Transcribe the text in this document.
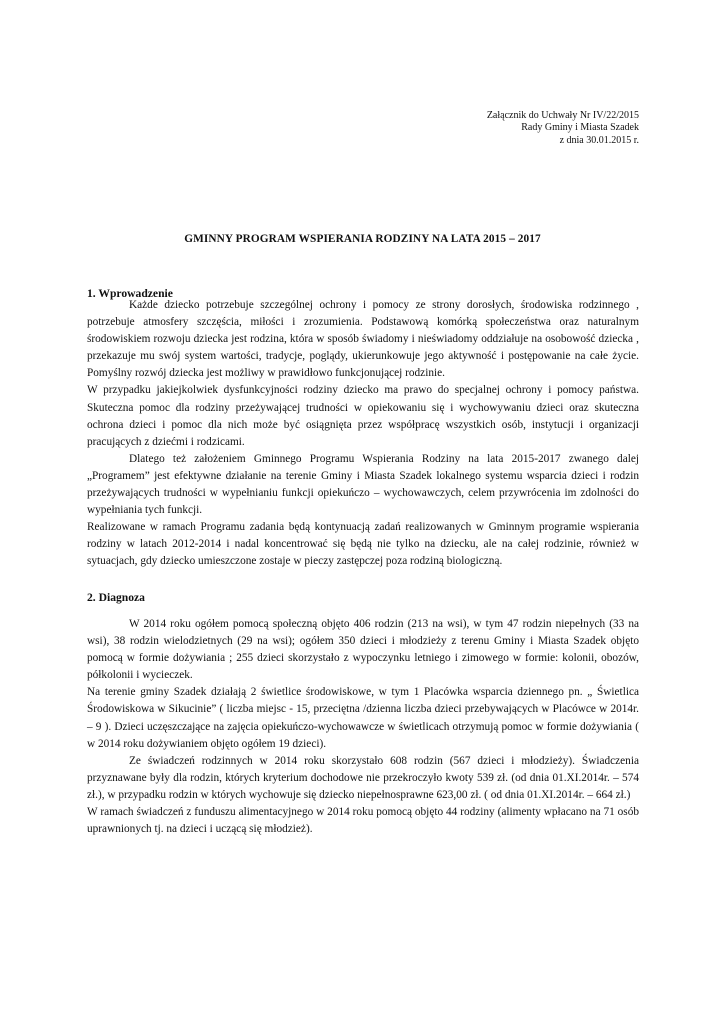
Załącznik do Uchwały Nr IV/22/2015
Rady Gminy i Miasta Szadek
z dnia 30.01.2015 r.
GMINNY PROGRAM WSPIERANIA RODZINY NA LATA 2015 – 2017
1. Wprowadzenie

Każde dziecko potrzebuje szczególnej ochrony i pomocy ze strony dorosłych, środowiska rodzinnego , potrzebuje atmosfery szczęścia, miłości i zrozumienia. Podstawową komórką społeczeństwa oraz naturalnym środowiskiem rozwoju dziecka jest rodzina, która w sposób świadomy i nieświadomy oddziałuje na osobowość dziecka , przekazuje mu swój system wartości, tradycje, poglądy, ukierunkowuje jego aktywność i postępowanie na całe życie. Pomyślny rozwój dziecka jest możliwy w prawidłowo funkcjonującej rodzinie.

W przypadku jakiejkolwiek dysfunkcyjności rodziny dziecko ma prawo do specjalnej ochrony i pomocy państwa. Skuteczna pomoc dla rodziny przeżywającej trudności w opiekowaniu się i wychowywaniu dzieci oraz skuteczna ochrona dzieci i pomoc dla nich może być osiągnięta przez współpracę wszystkich osób, instytucji i organizacji pracujących z dziećmi i rodzicami.

Dlatego też założeniem Gminnego Programu Wspierania Rodziny na lata 2015-2017 zwanego dalej „Programem” jest efektywne działanie na terenie Gminy i Miasta Szadek lokalnego systemu wsparcia dzieci i rodzin przeżywających trudności w wypełnianiu funkcji opiekuńczo – wychowawczych, celem przywrócenia im zdolności do wypełniania tych funkcji.

Realizowane w ramach Programu zadania będą kontynuacją zadań realizowanych w Gminnym programie wspierania rodziny w latach 2012-2014 i nadal koncentrować się będą nie tylko na dziecku, ale na całej rodzinie, również w sytuacjach, gdy dziecko umieszczone zostaje w pieczy zastępczej poza rodziną biologiczną.

2. Diagnoza

W 2014 roku ogółem pomocą społeczną objęto 406 rodzin (213 na wsi), w tym 47 rodzin niepełnych (33 na wsi), 38 rodzin wielodzietnych (29 na wsi); ogółem 350 dzieci i młodzieży z terenu Gminy i Miasta Szadek objęto pomocą w formie dożywiania ; 255 dzieci skorzystało z wypoczynku letniego i zimowego w formie: kolonii, obozów, półkolonii i wycieczek.

Na terenie gminy Szadek działają 2 świetlice środowiskowe, w tym 1 Placówka wsparcia dziennego pn. „ Świetlica Środowiskowa w Sikucinie” ( liczba miejsc - 15, przeciętna /dzienna liczba dzieci przebywających w Placówce w 2014r. – 9 ). Dzieci uczęszczające na zajęcia opiekuńczo-wychowawcze w świetlicach otrzymują pomoc w formie dożywiania ( w 2014 roku dożywianiem objęto ogółem 19 dzieci).

Ze świadczeń rodzinnych w 2014 roku skorzystało 608 rodzin (567 dzieci i młodzieży). Świadczenia przyznawane były dla rodzin, których kryterium dochodowe nie przekroczyło kwoty 539 zł. (od dnia 01.XI.2014r. – 574 zł.), w przypadku rodzin w których wychowuje się dziecko niepełnosprawne 623,00 zł. ( od dnia 01.XI.2014r. – 664 zł.)

W ramach świadczeń z funduszu alimentacyjnego w 2014 roku pomocą objęto 44 rodziny (alimenty wpłacano na 71 osób uprawnionych tj. na dzieci i uczącą się młodzież).
